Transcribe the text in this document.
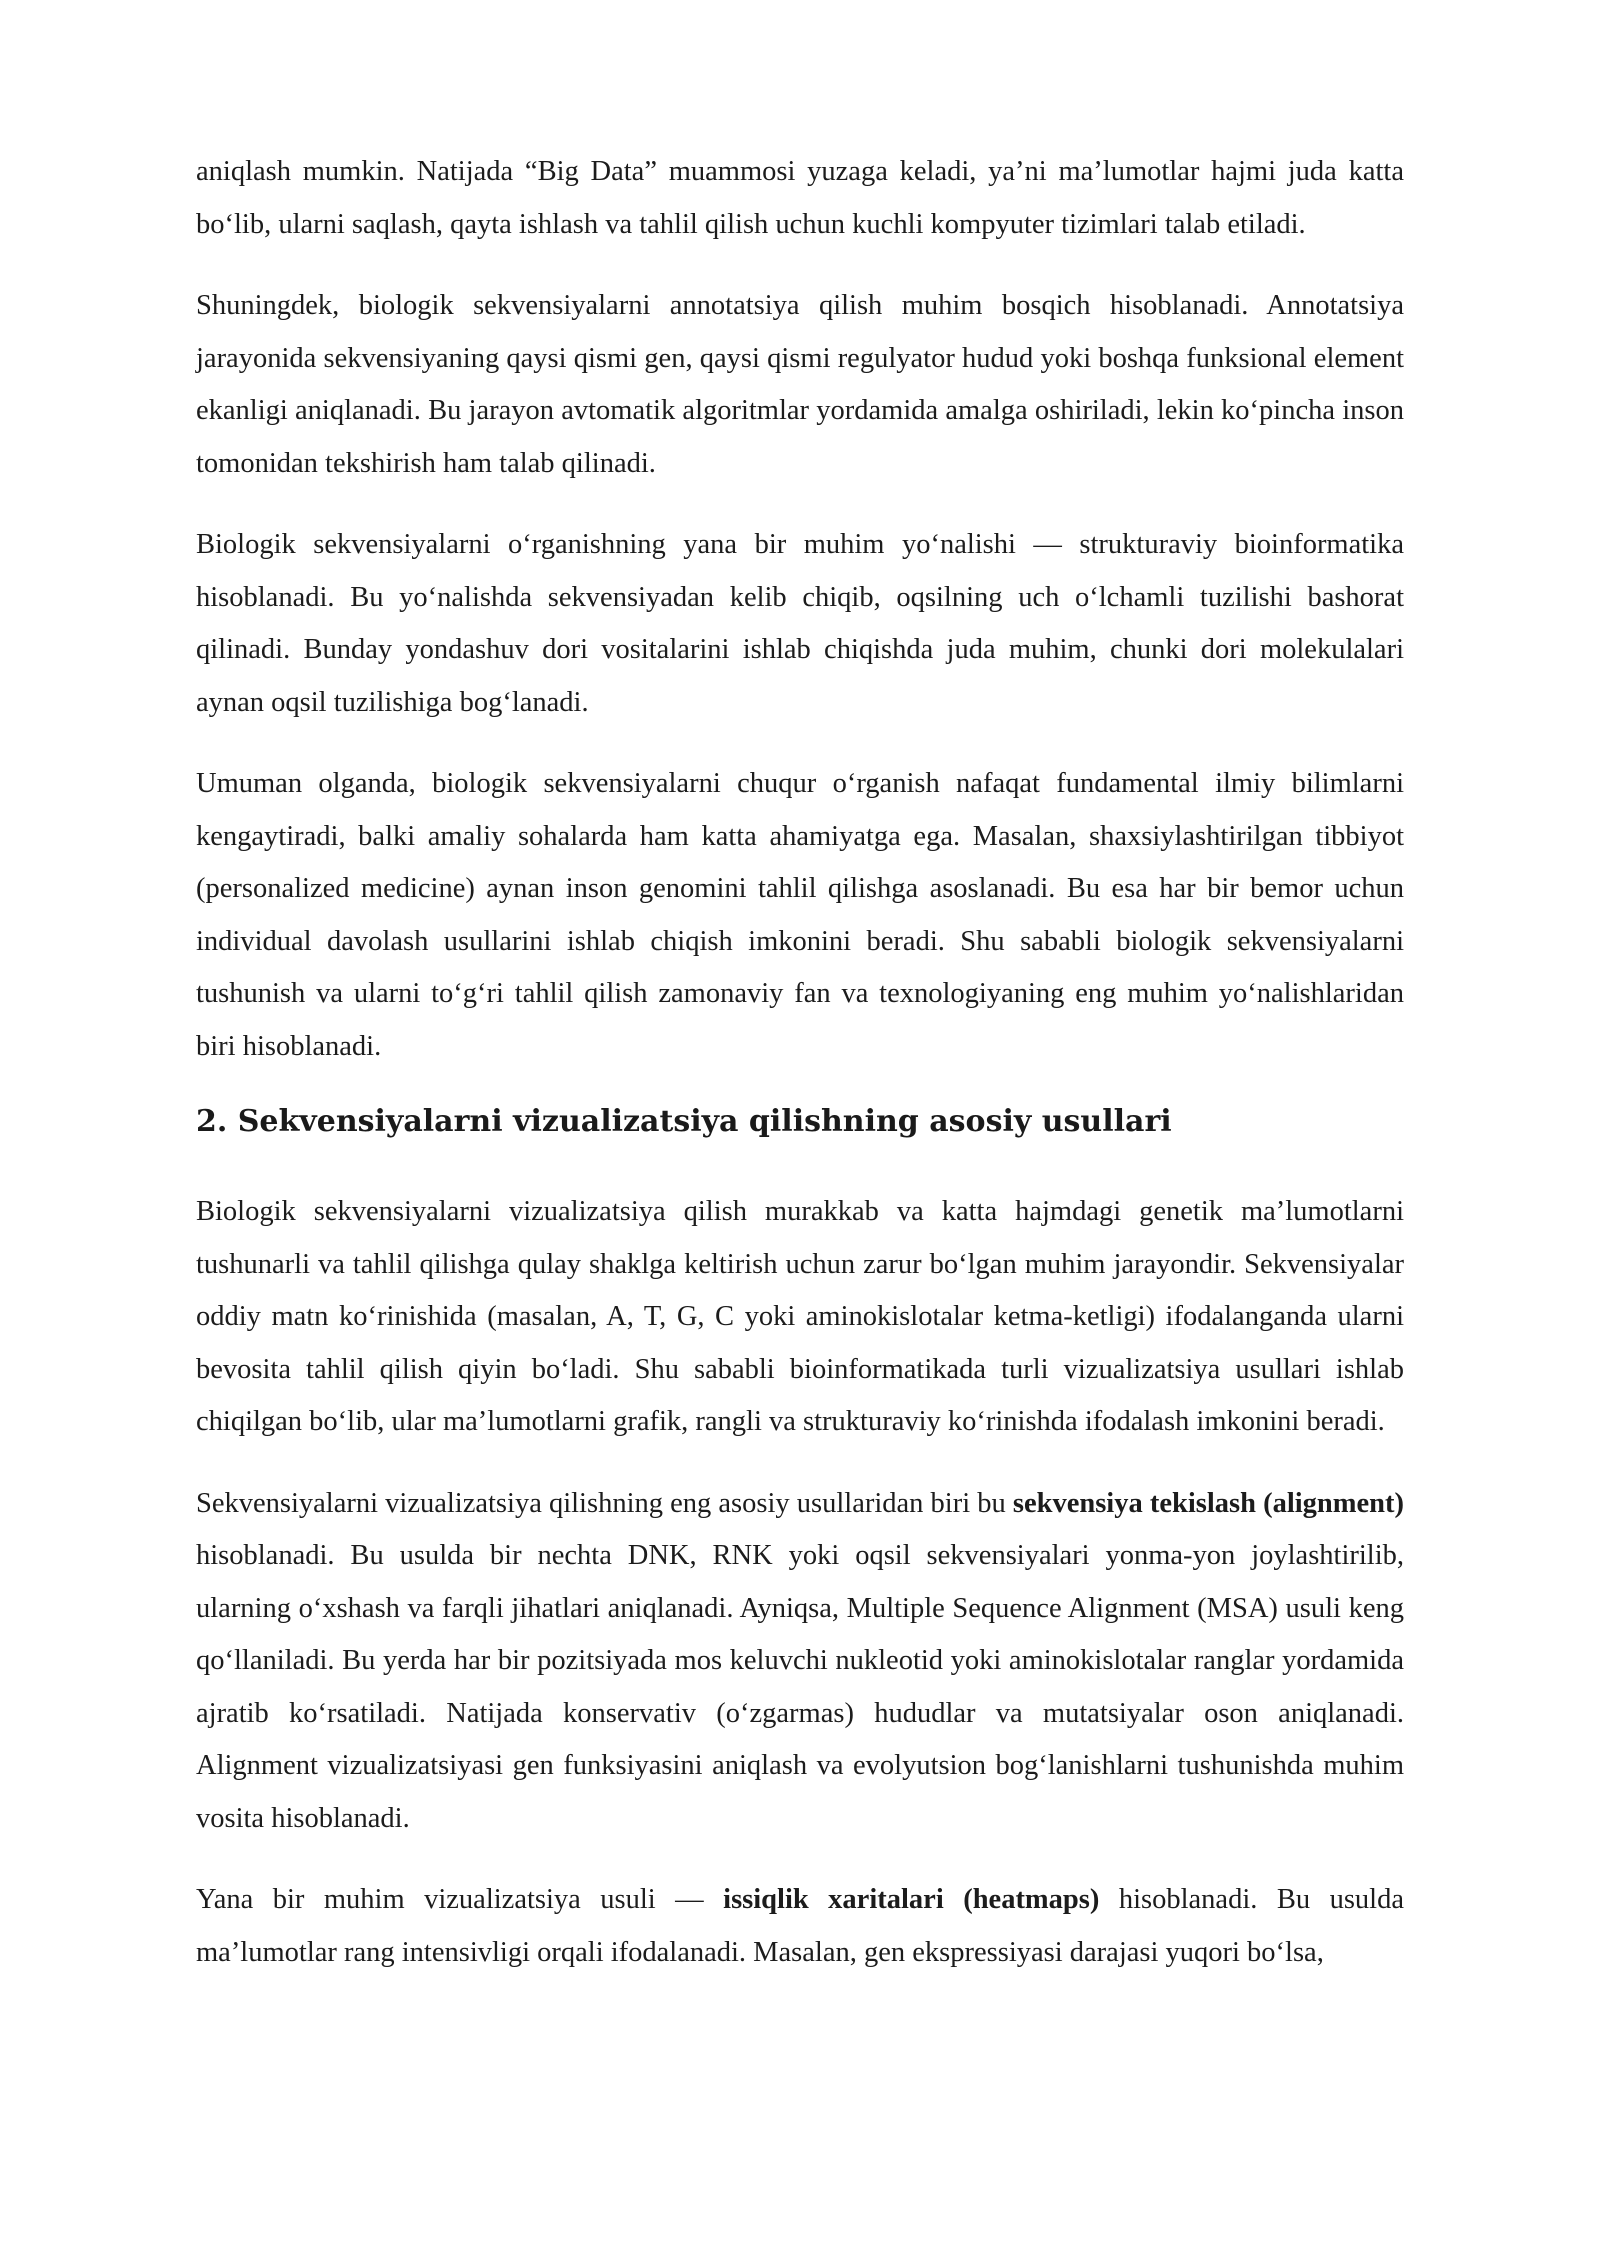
aniqlash mumkin. Natijada “Big Data” muammosi yuzaga keladi, ya’ni ma’lumotlar hajmi juda katta bo‘lib, ularni saqlash, qayta ishlash va tahlil qilish uchun kuchli kompyuter tizimlari talab etiladi.

Shuningdek, biologik sekvensiyalarni annotatsiya qilish muhim bosqich hisoblanadi. Annotatsiya jarayonida sekvensiyaning qaysi qismi gen, qaysi qismi regulyator hudud yoki boshqa funksional element ekanligi aniqlanadi. Bu jarayon avtomatik algoritmlar yordamida amalga oshiriladi, lekin ko‘pincha inson tomonidan tekshirish ham talab qilinadi.

Biologik sekvensiyalarni o‘rganishning yana bir muhim yo‘nalishi — strukturaviy bioinformatika hisoblanadi. Bu yo‘nalishda sekvensiyadan kelib chiqib, oqsilning uch o‘lchamli tuzilishi bashorat qilinadi. Bunday yondashuv dori vositalarini ishlab chiqishda juda muhim, chunki dori molekulalari aynan oqsil tuzilishiga bog‘lanadi.

Umuman olganda, biologik sekvensiyalarni chuqur o‘rganish nafaqat fundamental ilmiy bilimlarni kengaytiradi, balki amaliy sohalarda ham katta ahamiyatga ega. Masalan, shaxsiylashtirilgan tibbiyot (personalized medicine) aynan inson genomini tahlil qilishga asoslanadi. Bu esa har bir bemor uchun individual davolash usullarini ishlab chiqish imkonini beradi. Shu sababli biologik sekvensiyalarni tushunish va ularni to‘g‘ri tahlil qilish zamonaviy fan va texnologiyaning eng muhim yo‘nalishlaridan biri hisoblanadi.

2. Sekvensiyalarni vizualizatsiya qilishning asosiy usullari

Biologik sekvensiyalarni vizualizatsiya qilish murakkab va katta hajmdagi genetik ma’lumotlarni tushunarli va tahlil qilishga qulay shaklga keltirish uchun zarur bo‘lgan muhim jarayondir. Sekvensiyalar oddiy matn ko‘rinishida (masalan, A, T, G, C yoki aminokislotalar ketma-ketligi) ifodalanganda ularni bevosita tahlil qilish qiyin bo‘ladi. Shu sababli bioinformatikada turli vizualizatsiya usullari ishlab chiqilgan bo‘lib, ular ma’lumotlarni grafik, rangli va strukturaviy ko‘rinishda ifodalash imkonini beradi.

Sekvensiyalarni vizualizatsiya qilishning eng asosiy usullaridan biri bu sekvensiya tekislash (alignment) hisoblanadi. Bu usulda bir nechta DNK, RNK yoki oqsil sekvensiyalari yonma-yon joylashtirilib, ularning o‘xshash va farqli jihatlari aniqlanadi. Ayniqsa, Multiple Sequence Alignment (MSA) usuli keng qo‘llaniladi. Bu yerda har bir pozitsiyada mos keluvchi nukleotid yoki aminokislotalar ranglar yordamida ajratib ko‘rsatiladi. Natijada konservativ (o‘zgarmas) hududlar va mutatsiyalar oson aniqlanadi. Alignment vizualizatsiyasi gen funksiyasini aniqlash va evolyutsion bog‘lanishlarni tushunishda muhim vosita hisoblanadi.

Yana bir muhim vizualizatsiya usuli — issiqlik xaritalari (heatmaps) hisoblanadi. Bu usulda ma’lumotlar rang intensivligi orqali ifodalanadi. Masalan, gen ekspressiyasi darajasi yuqori bo‘lsa,
